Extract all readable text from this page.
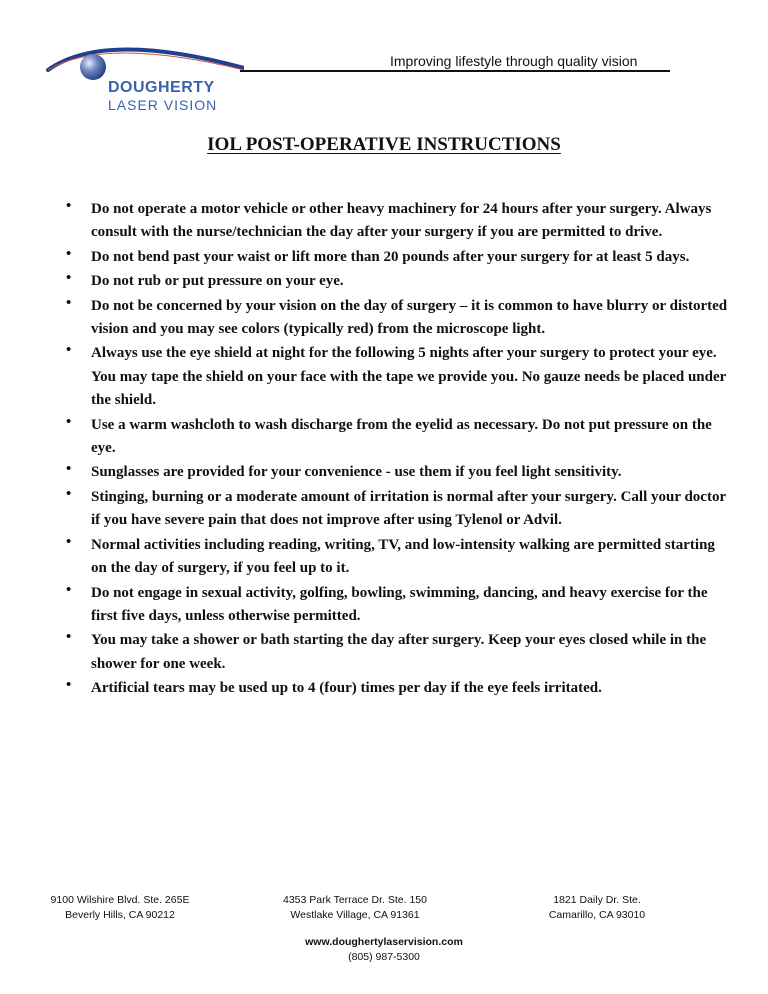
DOUGHERTY
LASER VISION
Improving lifestyle through quality vision
IOL POST-OPERATIVE INSTRUCTIONS
• Do not operate a motor vehicle or other heavy machinery for 24 hours after your surgery. Always consult with the nurse/technician the day after your surgery if you are permitted to drive.
• Do not bend past your waist or lift more than 20 pounds after your surgery for at least 5 days.
• Do not rub or put pressure on your eye.
• Do not be concerned by your vision on the day of surgery – it is common to have blurry or distorted vision and you may see colors (typically red) from the microscope light.
• Always use the eye shield at night for the following 5 nights after your surgery to protect your eye. You may tape the shield on your face with the tape we provide you. No gauze needs be placed under the shield.
• Use a warm washcloth to wash discharge from the eyelid as necessary. Do not put pressure on the eye.
• Sunglasses are provided for your convenience - use them if you feel light sensitivity.
• Stinging, burning or a moderate amount of irritation is normal after your surgery. Call your doctor if you have severe pain that does not improve after using Tylenol or Advil.
• Normal activities including reading, writing, TV, and low-intensity walking are permitted starting on the day of surgery, if you feel up to it.
• Do not engage in sexual activity, golfing, bowling, swimming, dancing, and heavy exercise for the first five days, unless otherwise permitted.
• You may take a shower or bath starting the day after surgery. Keep your eyes closed while in the shower for one week.
• Artificial tears may be used up to 4 (four) times per day if the eye feels irritated.
9100 Wilshire Blvd. Ste. 265E
Beverly Hills, CA 90212
4353 Park Terrace Dr. Ste. 150
Westlake Village, CA 91361
1821 Daily Dr. Ste.
Camarillo, CA 93010
www.doughertylaservision.com
(805) 987-5300
